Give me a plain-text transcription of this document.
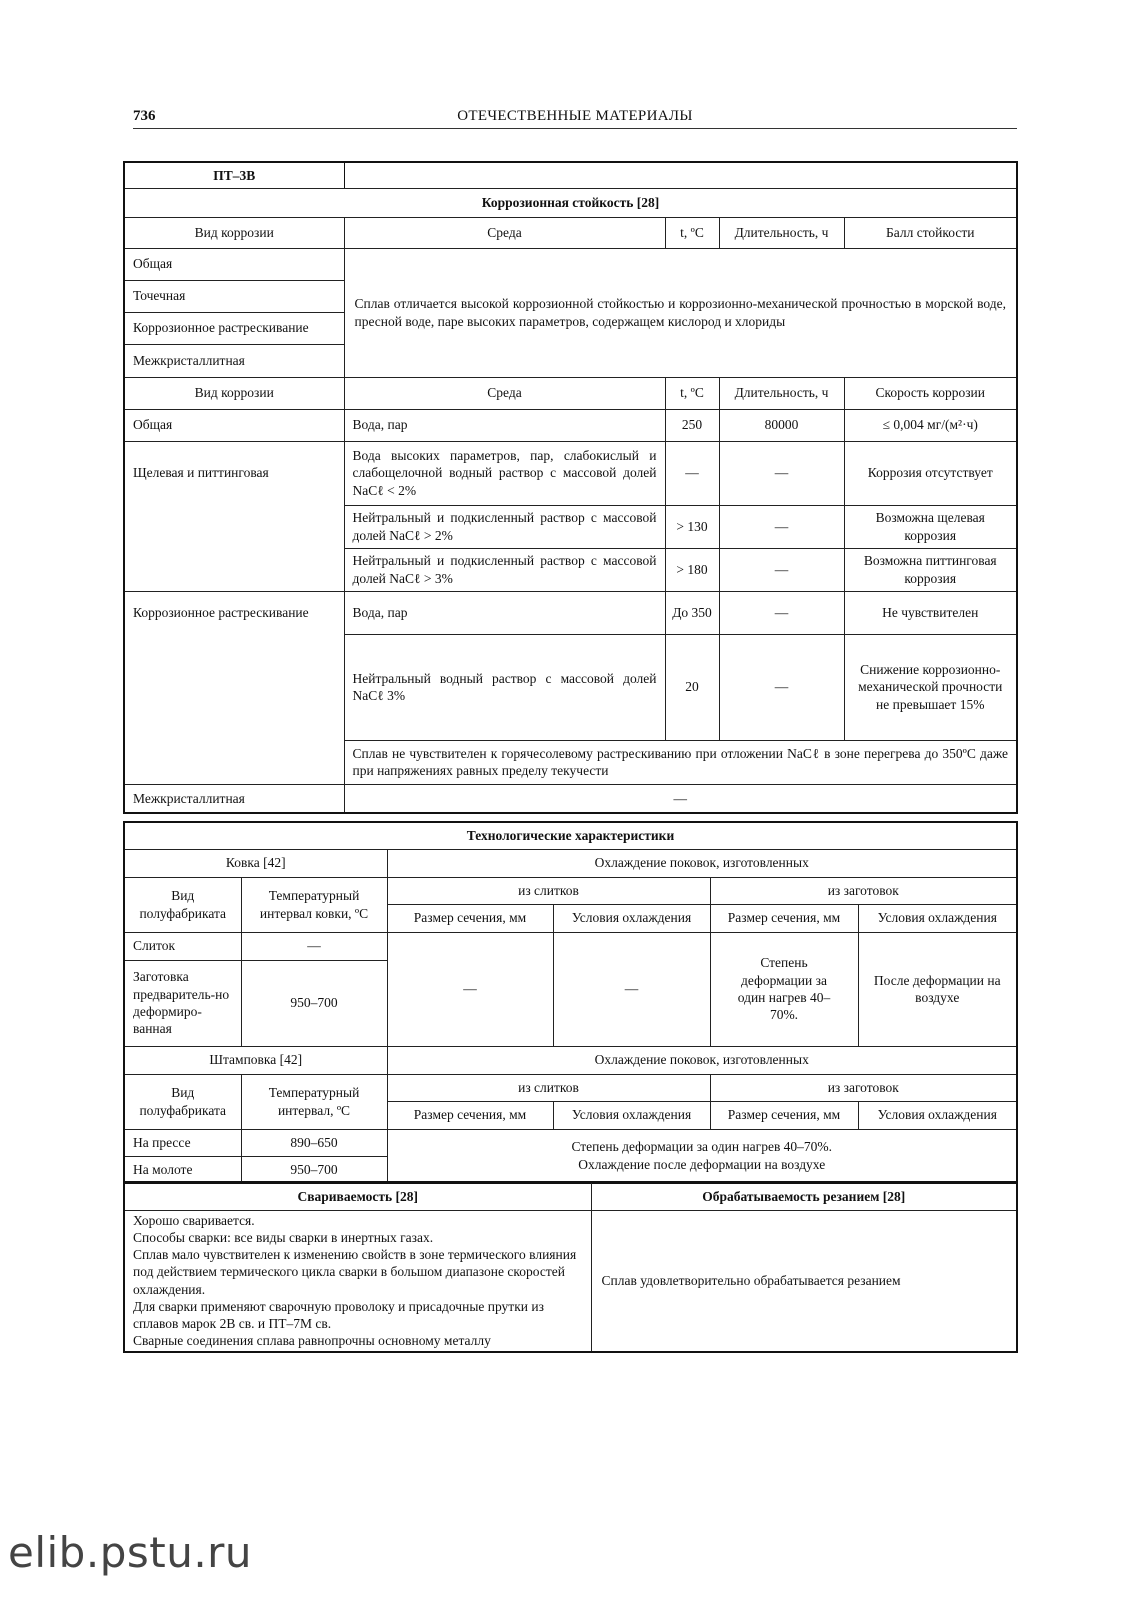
736	ОТЕЧЕСТВЕННЫЕ МАТЕРИАЛЫ
ПТ–3В				
Коррозионная стойкость [28]				
Вид коррозии	Среда	t, ºС	Длительность, ч	Балл стойкости
Общая	Сплав отличается высокой коррозионной стойкостью и коррозионно-механической прочностью в морской воде, пресной воде, паре высоких параметров, содержащем кислород и хлориды			
Точечная				
Коррозионное растрескивание				
Межкристаллитная				
Вид коррозии	Среда	t, ºС	Длительность, ч	Скорость коррозии
Общая	Вода, пар	250	80000	≤ 0,004 мг/(м²·ч)
Щелевая и питтинговая	Вода высоких параметров, пар, слабокислый и слабощелочной водный раствор с массовой долей NaCℓ < 2%	—	—	Коррозия отсутствует
	Нейтральный и подкисленный раствор с массовой долей NaCℓ > 2%	> 130	—	Возможна щелевая коррозия
	Нейтральный и подкисленный раствор с массовой долей NaCℓ > 3%	> 180	—	Возможна питтинговая коррозия
Коррозионное растрескивание	Вода, пар	До 350	—	Не чувствителен
	Нейтральный водный раствор с массовой долей NaCℓ 3%	20	—	Снижение коррозионно-механической прочности не превышает 15%
	Сплав не чувствителен к горячесолевому растрескиванию при отложении NaCℓ в зоне перегрева до 350ºС даже при напряжениях равных пределу текучести			
Межкристаллитная	—			
Технологические характеристики					
Ковка [42]		Охлаждение поковок, изготовленных			
Вид полуфабриката	Температурный интервал ковки, ºС	из слитков		из заготовок	
		Размер сечения, мм	Условия охлаждения	Размер сечения, мм	Условия охлаждения
Слиток	—	—	—	Степень деформации за один нагрев 40–70%.	После деформации на воздухе
Заготовка предваритель-но деформиро-ванная	950–700				
Штамповка [42]		Охлаждение поковок, изготовленных			
Вид полуфабриката	Температурный интервал, ºС	из слитков		из заготовок	
		Размер сечения, мм	Условия охлаждения	Размер сечения, мм	Условия охлаждения
На прессе	890–650	Степень деформации за один нагрев 40–70%.
Охлаждение после деформации на воздухе			

На молоте	950–700				
Свариваемость [28]	Обрабатываемость резанием [28]

Хорошо сваривается.
Способы сварки: все виды сварки в инертных газах.
Сплав мало чувствителен к изменению свойств в зоне термического влияния под действием термического цикла сварки в большом диапазоне скоростей охлаждения.
Для сварки применяют сварочную проволоку и присадочные прутки из сплавов марок 2В св. и ПТ–7М св.
Сварные соединения сплава равнопрочны основному металлу	Сплав удовлетворительно обрабатывается резанием
elib.pstu.ru
